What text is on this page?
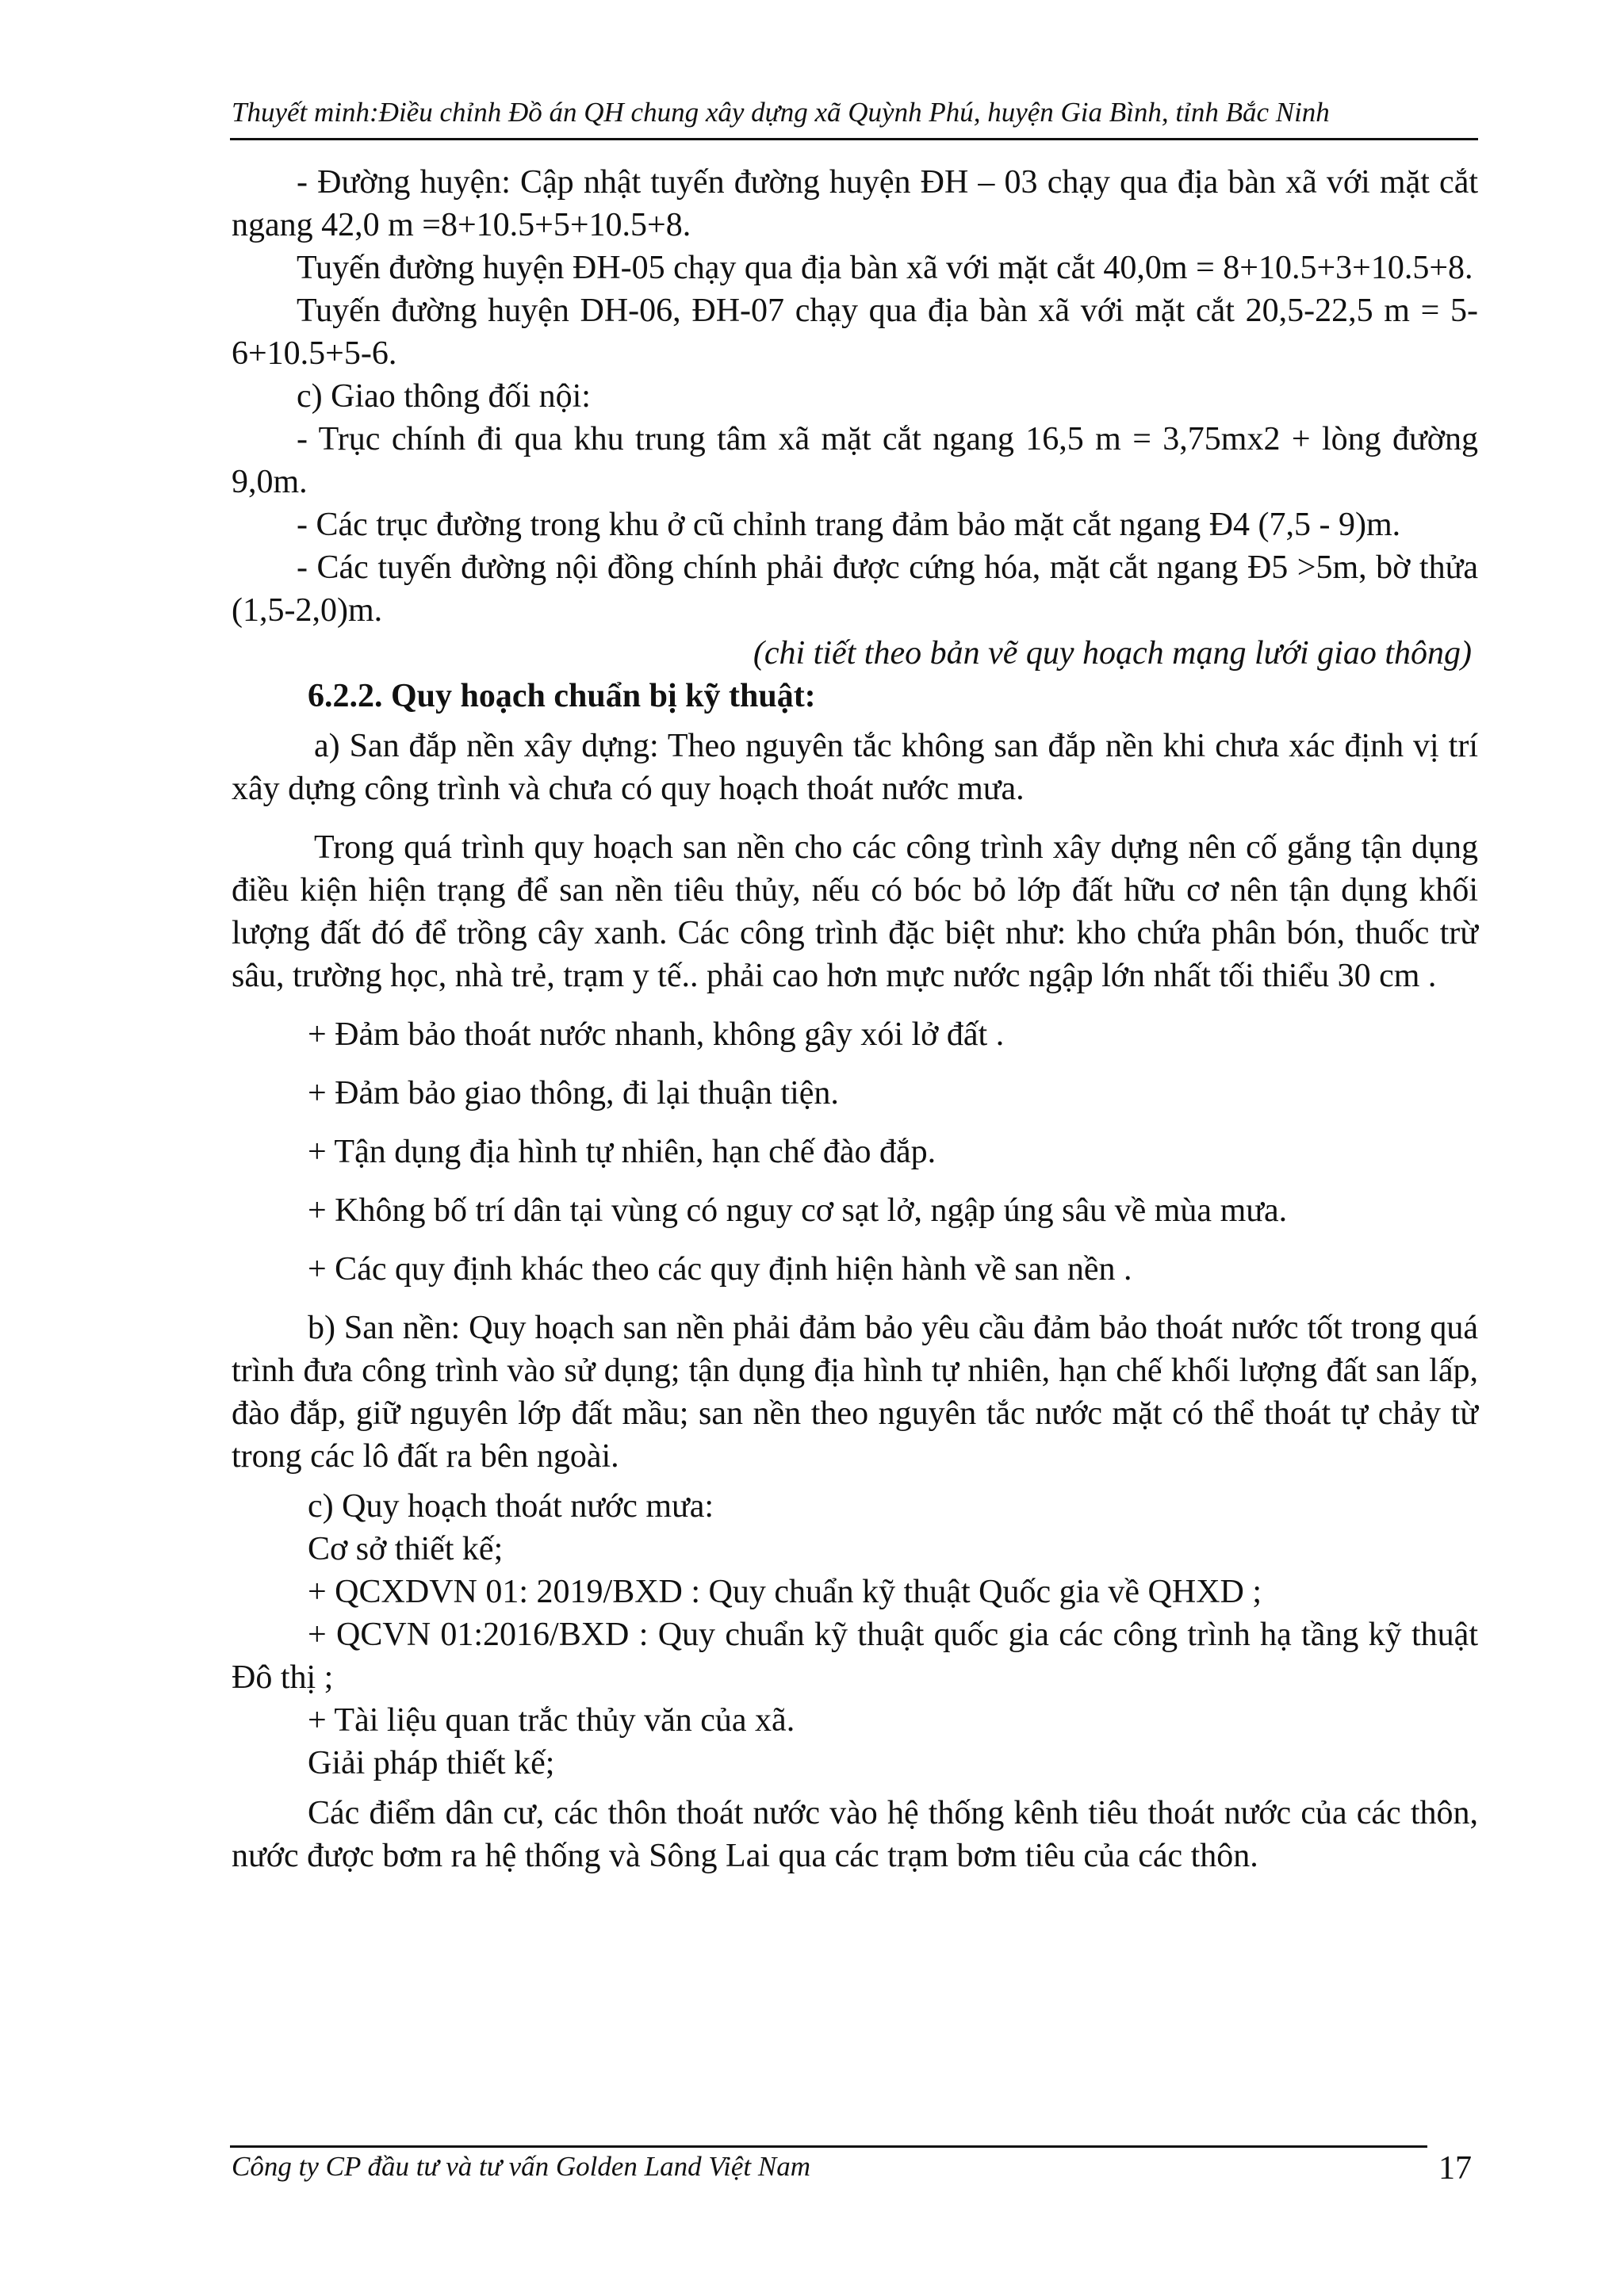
Thuyết minh:Điều chỉnh Đồ án QH chung xây dựng xã Quỳnh Phú, huyện Gia Bình, tỉnh Bắc Ninh

- Đường huyện: Cập nhật tuyến đường huyện ĐH – 03 chạy qua địa bàn xã với mặt cắt ngang 42,0 m =8+10.5+5+10.5+8.

Tuyến đường huyện ĐH-05 chạy qua địa bàn xã với mặt cắt 40,0m = 8+10.5+3+10.5+8.

Tuyến đường huyện DH-06, ĐH-07 chạy qua địa bàn xã với mặt cắt 20,5-22,5 m = 5-6+10.5+5-6.

c) Giao thông đối nội:

- Trục chính đi qua khu trung tâm xã mặt cắt ngang 16,5 m = 3,75mx2 + lòng đường 9,0m.

- Các trục đường trong khu ở cũ chỉnh trang đảm bảo mặt cắt ngang Đ4 (7,5 - 9)m.

- Các tuyến đường nội đồng chính phải được cứng hóa, mặt cắt ngang Đ5 >5m, bờ thửa (1,5-2,0)m.

(chi tiết theo bản vẽ quy hoạch mạng lưới giao thông)

6.2.2. Quy hoạch chuẩn bị kỹ thuật:

a) San đắp nền xây dựng: Theo nguyên tắc không san đắp nền khi chưa xác định vị trí xây dựng công trình và chưa có quy hoạch thoát nước mưa.

Trong quá trình quy hoạch san nền cho các công trình xây dựng nên cố gắng tận dụng điều kiện hiện trạng để san nền tiêu thủy, nếu có bóc bỏ lớp đất hữu cơ nên tận dụng khối lượng đất đó để trồng cây xanh. Các công trình đặc biệt như: kho chứa phân bón, thuốc trừ sâu, trường học, nhà trẻ, trạm y tế.. phải cao hơn mực nước ngập lớn nhất tối thiểu 30 cm .

+ Đảm bảo thoát nước nhanh, không gây xói lở đất .

+ Đảm bảo giao thông, đi lại thuận tiện.

+ Tận dụng địa hình tự nhiên, hạn chế đào đắp.

+ Không bố trí dân tại vùng có nguy cơ sạt lở, ngập úng sâu về mùa mưa.

+ Các quy định khác theo các quy định hiện hành về san nền .

b) San nền: Quy hoạch san nền phải đảm bảo yêu cầu đảm bảo thoát nước tốt trong quá trình đưa công trình vào sử dụng; tận dụng địa hình tự nhiên, hạn chế khối lượng đất san lấp, đào đắp, giữ nguyên lớp đất mầu; san nền theo nguyên tắc nước mặt có thể thoát tự chảy từ trong các lô đất ra bên ngoài.

c) Quy hoạch thoát nước mưa:

Cơ sở thiết kế;

+ QCXDVN 01: 2019/BXD : Quy chuẩn kỹ thuật Quốc gia về QHXD ;

+ QCVN 01:2016/BXD : Quy chuẩn kỹ thuật quốc gia các công trình hạ tầng kỹ thuật Đô thị ;

+ Tài liệu quan trắc thủy văn của xã.

Giải pháp thiết kế;

Các điểm dân cư, các thôn thoát nước vào hệ thống kênh tiêu thoát nước của các thôn, nước được bơm ra hệ thống và Sông Lai qua các trạm bơm tiêu của các thôn.

Công ty CP đầu tư và tư vấn Golden Land Việt Nam	17
